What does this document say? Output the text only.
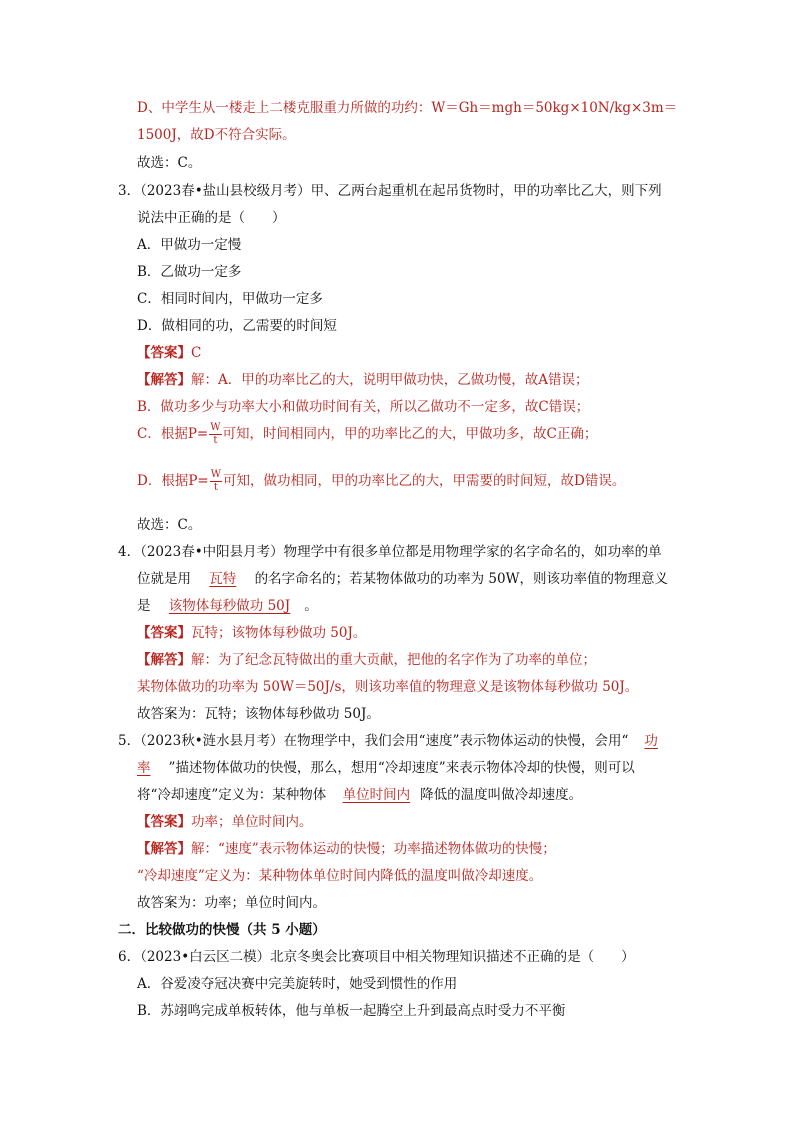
D、中学生从一楼走上二楼克服重力所做的功约：W＝Gh＝mgh＝50kg×10N/kg×3m＝
1500J，故D不符合实际。
故选：C。
3．（2023春•盐山县校级月考）甲、乙两台起重机在起吊货物时，甲的功率比乙大，则下列
说法中正确的是（　　）
A．甲做功一定慢
B．乙做功一定多
C．相同时间内，甲做功一定多
D．做相同的功，乙需要的时间短
【答案】C
【解答】解：A．甲的功率比乙的大，说明甲做功快，乙做功慢，故A错误；
B．做功多少与功率大小和做功时间有关，所以乙做功不一定多，故C错误；
C．根据$P= \frac{W}{t}$ 可知，时间相同内，甲的功率比乙的大，甲做功多，故C正确；
D．根据$P= \frac{W}{t}$ 可知，做功相同，甲的功率比乙的大，甲需要的时间短，故D错误。
故选：C。
4．（2023春•中阳县月考）物理学中有很多单位都是用物理学家的名字命名的，如功率的单
位就是用 瓦特 的名字命名的；若某物体做功的功率为 50W，则该功率值的物理意义
是 该物体每秒做功 50J 。
【答案】瓦特；该物体每秒做功 50J。
【解答】解：为了纪念瓦特做出的重大贡献，把他的名字作为了功率的单位；
某物体做功的功率为 50W＝50J/s，则该功率值的物理意义是该物体每秒做功 50J。
故答案为：瓦特；该物体每秒做功 50J。
5．（2023秋•涟水县月考）在物理学中，我们会用“速度”表示物体运动的快慢，会用“ 功
率 ”描述物体做功的快慢，那么，想用“冷却速度”来表示物体冷却的快慢，则可以
将“冷却速度”定义为：某种物体 单位时间内 降低的温度叫做冷却速度。
【答案】功率；单位时间内。
【解答】解：“速度”表示物体运动的快慢；功率描述物体做功的快慢；
“冷却速度”定义为：某种物体单位时间内降低的温度叫做冷却速度。
故答案为：功率；单位时间内。
二．比较做功的快慢（共 5 小题）
6．（2023•白云区二模）北京冬奥会比赛项目中相关物理知识描述不正确的是（　　）
A．谷爱凌夺冠决赛中完美旋转时，她受到惯性的作用
B．苏翊鸣完成单板转体，他与单板一起腾空上升到最高点时受力不平衡
